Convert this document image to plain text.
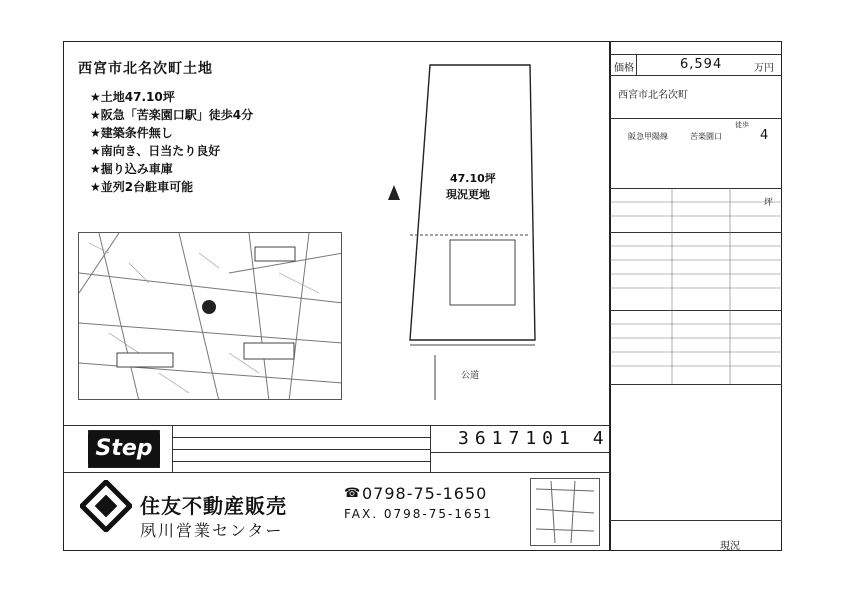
西宮市北名次町土地
★土地47.10坪
★阪急「苦楽園口駅」徒歩4分
★建築条件無し
★南向き、日当たり良好
★掘り込み車庫
★並列2台駐車可能
47.10坪
現況更地
公道
Step	3617101 4
住友不動産販売
夙川営業センター
☎ 0798-75-1650
FAX. 0798-75-1651
価格	6,594	万円
西宮市北名次町
阪急甲陽線	苦楽園口
徒歩
4
坪
現況
